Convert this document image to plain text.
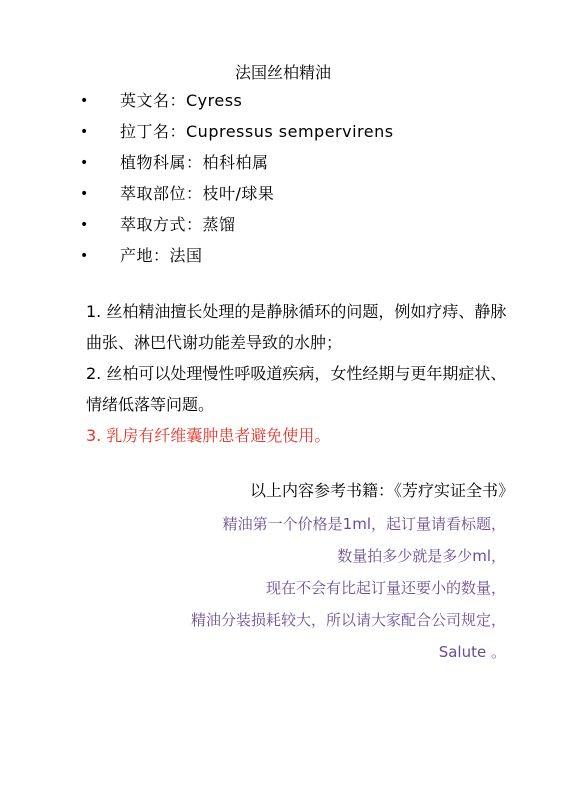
法国丝柏精油
•	英文名：Cyress
•	拉丁名：Cupressus sempervirens
•	植物科属：柏科柏属
•	萃取部位：枝叶/球果
•	萃取方式：蒸馏
•	产地：法国

1. 丝柏精油擅长处理的是静脉循环的问题，例如疗痔、静脉曲张、淋巴代谢功能差导致的水肿；

2. 丝柏可以处理慢性呼吸道疾病，女性经期与更年期症状、情绪低落等问题。

3. 乳房有纤维囊肿患者避免使用。

以上内容参考书籍：《芳疗实证全书》

精油第一个价格是1ml，起订量请看标题，

数量拍多少就是多少ml，

现在不会有比起订量还要小的数量，

精油分装损耗较大，所以请大家配合公司规定，

Salute 。
